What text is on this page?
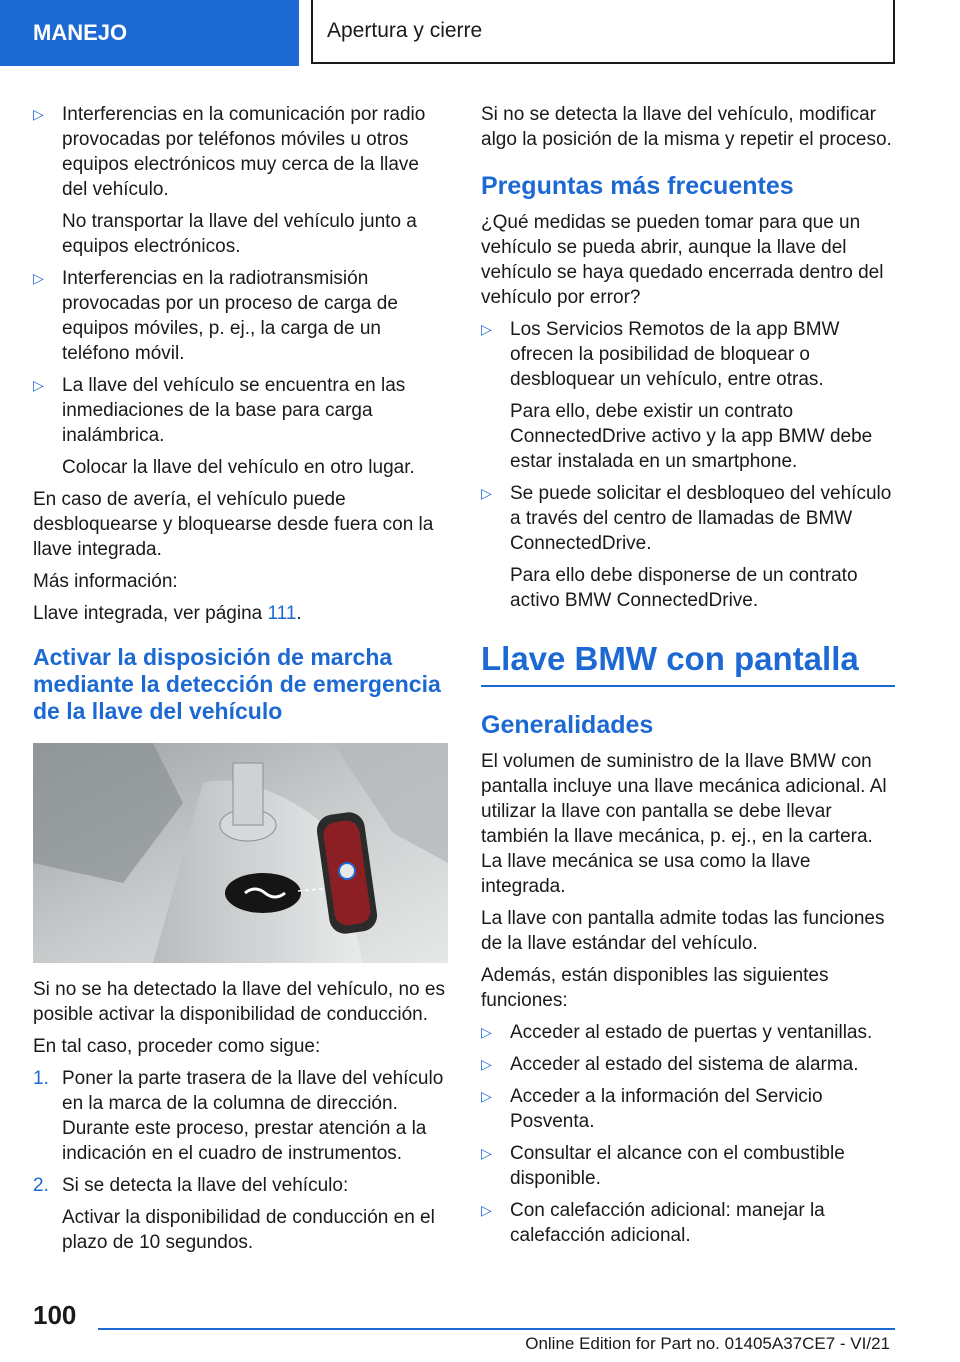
MANEJO	Apertura y cierre
▷ Interferencias en la comunicación por radio provocadas por teléfonos móviles u otros equipos electrónicos muy cerca de la llave del vehículo.
No transportar la llave del vehículo junto a equipos electrónicos.
▷ Interferencias en la radiotransmisión provocadas por un proceso de carga de equipos móviles, p. ej., la carga de un teléfono móvil.
▷ La llave del vehículo se encuentra en las inmediaciones de la base para carga inalámbrica.
Colocar la llave del vehículo en otro lugar.

En caso de avería, el vehículo puede desbloquearse y bloquearse desde fuera con la llave integrada.

Más información:

Llave integrada, ver página 111.

Activar la disposición de marcha mediante la detección de emergencia de la llave del vehículo

Si no se ha detectado la llave del vehículo, no es posible activar la disponibilidad de conducción.

En tal caso, proceder como sigue:

1. Poner la parte trasera de la llave del vehículo en la marca de la columna de dirección. Durante este proceso, prestar atención a la indicación en el cuadro de instrumentos.
2. Si se detecta la llave del vehículo:
Activar la disponibilidad de conducción en el plazo de 10 segundos.

Si no se detecta la llave del vehículo, modificar algo la posición de la misma y repetir el proceso.

Preguntas más frecuentes

¿Qué medidas se pueden tomar para que un vehículo se pueda abrir, aunque la llave del vehículo se haya quedado encerrada dentro del vehículo por error?

▷ Los Servicios Remotos de la app BMW ofrecen la posibilidad de bloquear o desbloquear un vehículo, entre otras.
Para ello, debe existir un contrato ConnectedDrive activo y la app BMW debe estar instalada en un smartphone.
▷ Se puede solicitar el desbloqueo del vehículo a través del centro de llamadas de BMW ConnectedDrive.
Para ello debe disponerse de un contrato activo BMW ConnectedDrive.
Llave BMW con pantalla
Generalidades

El volumen de suministro de la llave BMW con pantalla incluye una llave mecánica adicional. Al utilizar la llave con pantalla se debe llevar también la llave mecánica, p. ej., en la cartera. La llave mecánica se usa como la llave integrada.

La llave con pantalla admite todas las funciones de la llave estándar del vehículo.

Además, están disponibles las siguientes funciones:

▷ Acceder al estado de puertas y ventanillas.
▷ Acceder al estado del sistema de alarma.
▷ Acceder a la información del Servicio Posventa.
▷ Consultar el alcance con el combustible disponible.
▷ Con calefacción adicional: manejar la calefacción adicional.
100
Online Edition for Part no. 01405A37CE7 - VI/21
